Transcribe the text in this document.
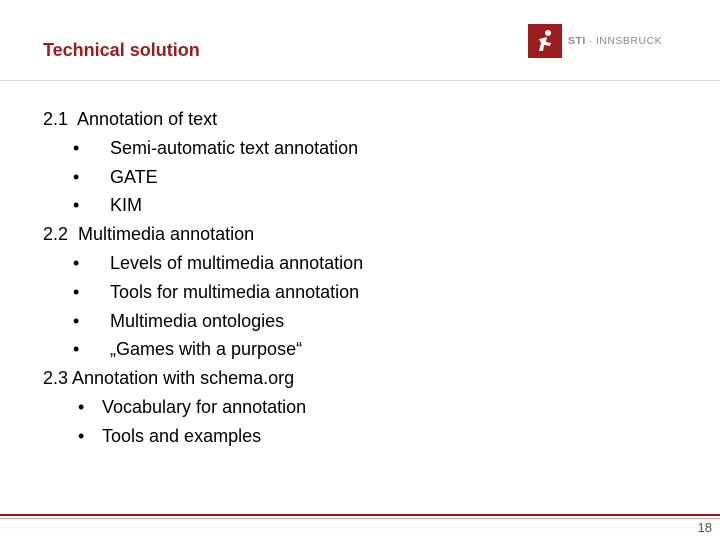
Technical solution	STI · INNSBRUCK
2.1  Annotation of text
• Semi-automatic text annotation
• GATE
• KIM
2.2  Multimedia annotation
• Levels of multimedia annotation
• Tools for multimedia annotation
• Multimedia ontologies
• „Games with a purpose“
2.3 Annotation with schema.org
• Vocabulary for annotation
• Tools and examples
18
